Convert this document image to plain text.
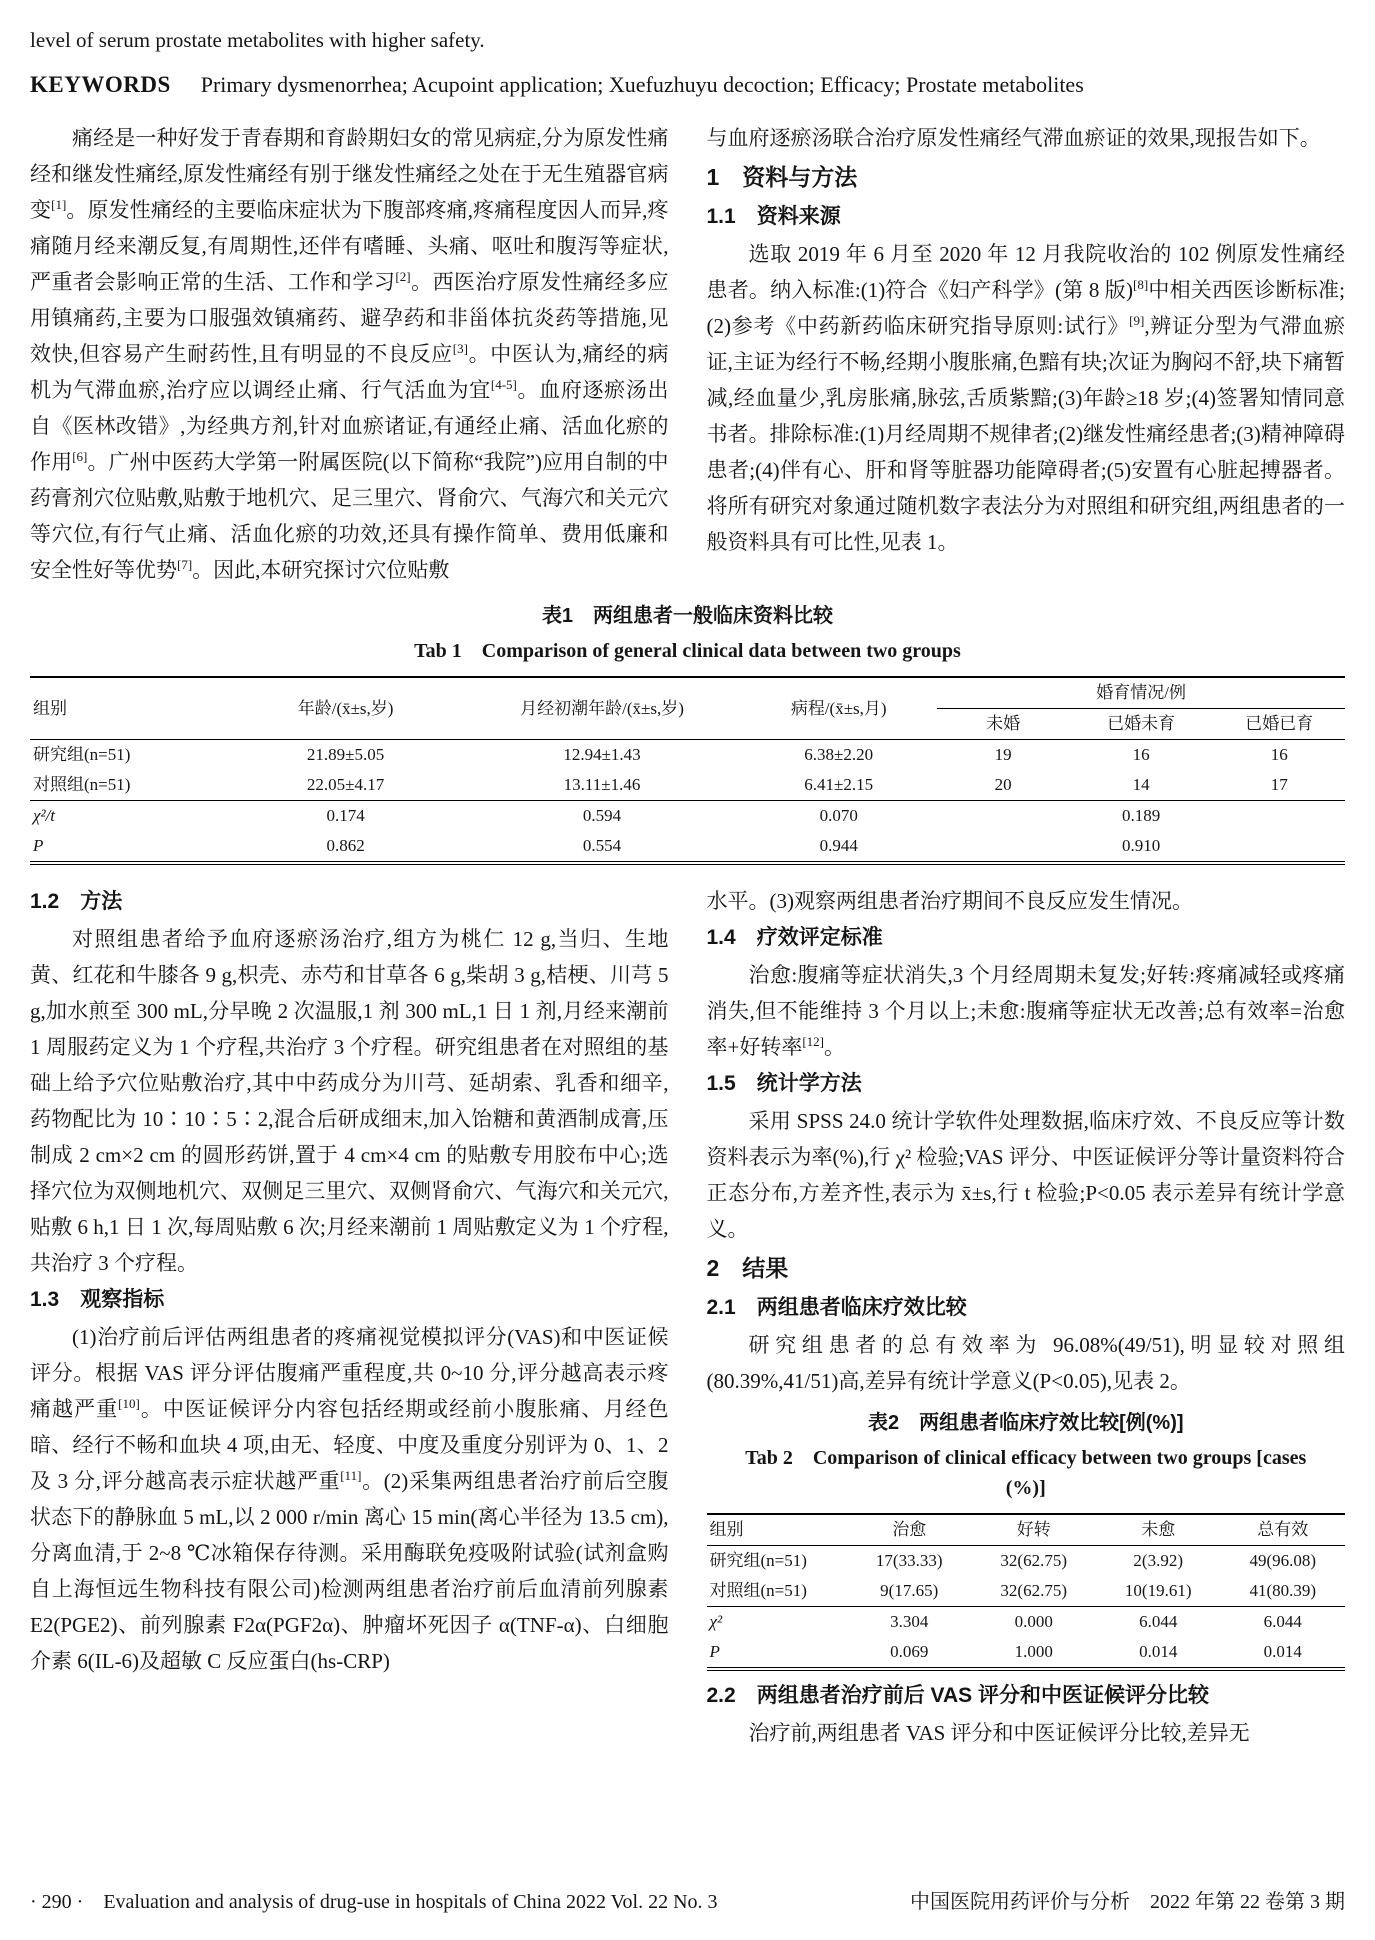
level of serum prostate metabolites with higher safety.
KEYWORDS Primary dysmenorrhea; Acupoint application; Xuefuzhuyu decoction; Efficacy; Prostate metabolites

痛经是一种好发于青春期和育龄期妇女的常见病症,分为原发性痛经和继发性痛经,原发性痛经有别于继发性痛经之处在于无生殖器官病变[1]。原发性痛经的主要临床症状为下腹部疼痛,疼痛程度因人而异,疼痛随月经来潮反复,有周期性,还伴有嗜睡、头痛、呕吐和腹泻等症状,严重者会影响正常的生活、工作和学习[2]。西医治疗原发性痛经多应用镇痛药,主要为口服强效镇痛药、避孕药和非甾体抗炎药等措施,见效快,但容易产生耐药性,且有明显的不良反应[3]。中医认为,痛经的病机为气滞血瘀,治疗应以调经止痛、行气活血为宜[4-5]。血府逐瘀汤出自《医林改错》,为经典方剂,针对血瘀诸证,有通经止痛、活血化瘀的作用[6]。广州中医药大学第一附属医院(以下简称“我院”)应用自制的中药膏剂穴位贴敷,贴敷于地机穴、足三里穴、肾俞穴、气海穴和关元穴等穴位,有行气止痛、活血化瘀的功效,还具有操作简单、费用低廉和安全性好等优势[7]。因此,本研究探讨穴位贴敷

与血府逐瘀汤联合治疗原发性痛经气滞血瘀证的效果,现报告如下。

1　资料与方法
1.1　资料来源

选取 2019 年 6 月至 2020 年 12 月我院收治的 102 例原发性痛经患者。纳入标准:(1)符合《妇产科学》(第 8 版)[8]中相关西医诊断标准;(2)参考《中药新药临床研究指导原则:试行》[9],辨证分型为气滞血瘀证,主证为经行不畅,经期小腹胀痛,色黯有块;次证为胸闷不舒,块下痛暂减,经血量少,乳房胀痛,脉弦,舌质紫黯;(3)年龄≥18 岁;(4)签署知情同意书者。排除标准:(1)月经周期不规律者;(2)继发性痛经患者;(3)精神障碍患者;(4)伴有心、肝和肾等脏器功能障碍者;(5)安置有心脏起搏器者。将所有研究对象通过随机数字表法分为对照组和研究组,两组患者的一般资料具有可比性,见表 1。

表1　两组患者一般临床资料比较
Tab 1　Comparison of general clinical data between two groups
组别	年龄/(x̄±s,岁)	月经初潮年龄/(x̄±s,岁)	病程/(x̄±s,月)	婚育情况/例		
				未婚	已婚未育	已婚已育
研究组(n=51)	21.89±5.05	12.94±1.43	6.38±2.20	19	16	16
对照组(n=51)	22.05±4.17	13.11±1.46	6.41±2.15	20	14	17
χ²/t	0.174	0.594	0.070	0.189		
P	0.862	0.554	0.944	0.910		
1.2　方法

对照组患者给予血府逐瘀汤治疗,组方为桃仁 12 g,当归、生地黄、红花和牛膝各 9 g,枳壳、赤芍和甘草各 6 g,柴胡 3 g,桔梗、川芎 5 g,加水煎至 300 mL,分早晚 2 次温服,1 剂 300 mL,1 日 1 剂,月经来潮前 1 周服药定义为 1 个疗程,共治疗 3 个疗程。研究组患者在对照组的基础上给予穴位贴敷治疗,其中中药成分为川芎、延胡索、乳香和细辛,药物配比为 10∶10∶5∶2,混合后研成细末,加入饴糖和黄酒制成膏,压制成 2 cm×2 cm 的圆形药饼,置于 4 cm×4 cm 的贴敷专用胶布中心;选择穴位为双侧地机穴、双侧足三里穴、双侧肾俞穴、气海穴和关元穴,贴敷 6 h,1 日 1 次,每周贴敷 6 次;月经来潮前 1 周贴敷定义为 1 个疗程,共治疗 3 个疗程。

1.3　观察指标

(1)治疗前后评估两组患者的疼痛视觉模拟评分(VAS)和中医证候评分。根据 VAS 评分评估腹痛严重程度,共 0~10 分,评分越高表示疼痛越严重[10]。中医证候评分内容包括经期或经前小腹胀痛、月经色暗、经行不畅和血块 4 项,由无、轻度、中度及重度分别评为 0、1、2 及 3 分,评分越高表示症状越严重[11]。(2)采集两组患者治疗前后空腹状态下的静脉血 5 mL,以 2 000 r/min 离心 15 min(离心半径为 13.5 cm),分离血清,于 2~8 ℃冰箱保存待测。采用酶联免疫吸附试验(试剂盒购自上海恒远生物科技有限公司)检测两组患者治疗前后血清前列腺素 E2(PGE2)、前列腺素 F2α(PGF2α)、肿瘤坏死因子 α(TNF-α)、白细胞介素 6(IL-6)及超敏 C 反应蛋白(hs-CRP)

水平。(3)观察两组患者治疗期间不良反应发生情况。

1.4　疗效评定标准

治愈:腹痛等症状消失,3 个月经周期未复发;好转:疼痛减轻或疼痛消失,但不能维持 3 个月以上;未愈:腹痛等症状无改善;总有效率=治愈率+好转率[12]。

1.5　统计学方法

采用 SPSS 24.0 统计学软件处理数据,临床疗效、不良反应等计数资料表示为率(%),行 χ² 检验;VAS 评分、中医证候评分等计量资料符合正态分布,方差齐性,表示为 x̄±s,行 t 检验;P<0.05 表示差异有统计学意义。

2　结果
2.1　两组患者临床疗效比较

研究组患者的总有效率为 96.08%(49/51),明显较对照组(80.39%,41/51)高,差异有统计学意义(P<0.05),见表 2。

表2　两组患者临床疗效比较[例(%)]
Tab 2　Comparison of clinical efficacy between two groups [cases (%)]
组别	治愈	好转	未愈	总有效
研究组(n=51)	17(33.33)	32(62.75)	2(3.92)	49(96.08)
对照组(n=51)	9(17.65)	32(62.75)	10(19.61)	41(80.39)
χ²	3.304	0.000	6.044	6.044
P	0.069	1.000	0.014	0.014
2.2　两组患者治疗前后 VAS 评分和中医证候评分比较

治疗前,两组患者 VAS 评分和中医证候评分比较,差异无

· 290 ·　Evaluation and analysis of drug-use in hospitals of China 2022 Vol. 22 No. 3	中国医院用药评价与分析　2022 年第 22 卷第 3 期
